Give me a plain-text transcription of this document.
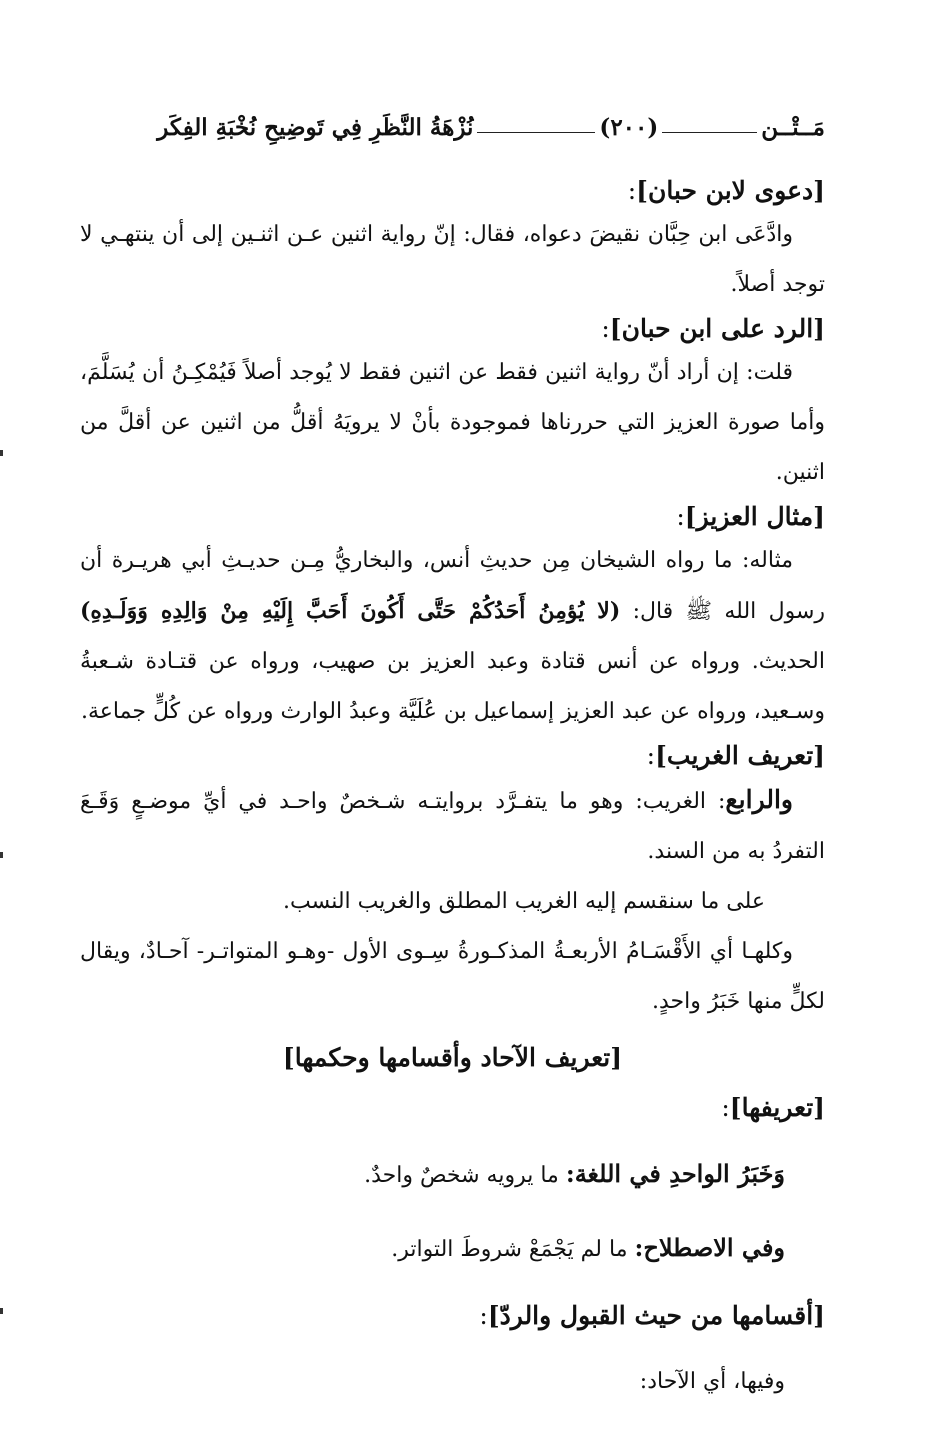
مَــتْــن
(٢٠٠)
نُزْهَةُ النَّظَرِ فِي تَوضِيحِ نُخْبَةِ الفِكَر

[دعوى لابن حبان]:

وادَّعَى ابن حِبَّان نقيضَ دعواه، فقال: إنّ رواية اثنين عـن اثنـين إلى أن ينتهـي لا توجد أصلاً.

[الرد على ابن حبان]:

قلت: إن أراد أنّ رواية اثنين فقط عن اثنين فقط لا يُوجد أصلاً فَيُمْكِـنُ أن يُسَلَّمَ، وأما صورة العزيز التي حررناها فموجودة بأنْ لا يرويَهُ أقلُّ من اثنين عن أقلَّ من اثنين.

[مثال العزيز]:

مثاله: ما رواه الشيخان مِن حديثِ أنس، والبخاريُّ مِـن حديـثِ أبي هريـرة أن رسول الله ﷺ قال: (لا يُؤمِنُ أَحَدُكُمْ حَتَّى أَكُونَ أَحَبَّ إِلَيْهِ مِنْ وَالِدِهِ وَوَلَـدِهِ) الحديث. ورواه عن أنس قتادة وعبد العزيز بن صهيب، ورواه عن قتـادة شـعبةُ وسـعيد، ورواه عن عبد العزيز إسماعيل بن عُلَيَّة وعبدُ الوارث ورواه عن كُلٍّ جماعة.

[تعريف الغريب]:

والرابع: الغريب: وهو ما يتفـرَّد بروايتـه شـخصٌ واحـد في أيِّ موضـعٍ وَقَـعَ التفردُ به من السند.

على ما سنقسم إليه الغريب المطلق والغريب النسب.

وكلهـا أي الأَقْسَـامُ الأربعـةُ المذكـورةُ سِـوى الأول -وهـو المتواتـر- آحـادٌ، ويقال لكلٍّ منها خَبَرُ واحدٍ.

[تعريف الآحاد وأقسامها وحكمها]

[تعريفها]:

وَخَبَرُ الواحدِ في اللغة: ما يرويه شخصٌ واحدٌ.

وفي الاصطلاح: ما لم يَجْمَعْ شروطَ التواتر.

[أقسامها من حيث القبول والردّ]:

وفيها، أي الآحاد:
